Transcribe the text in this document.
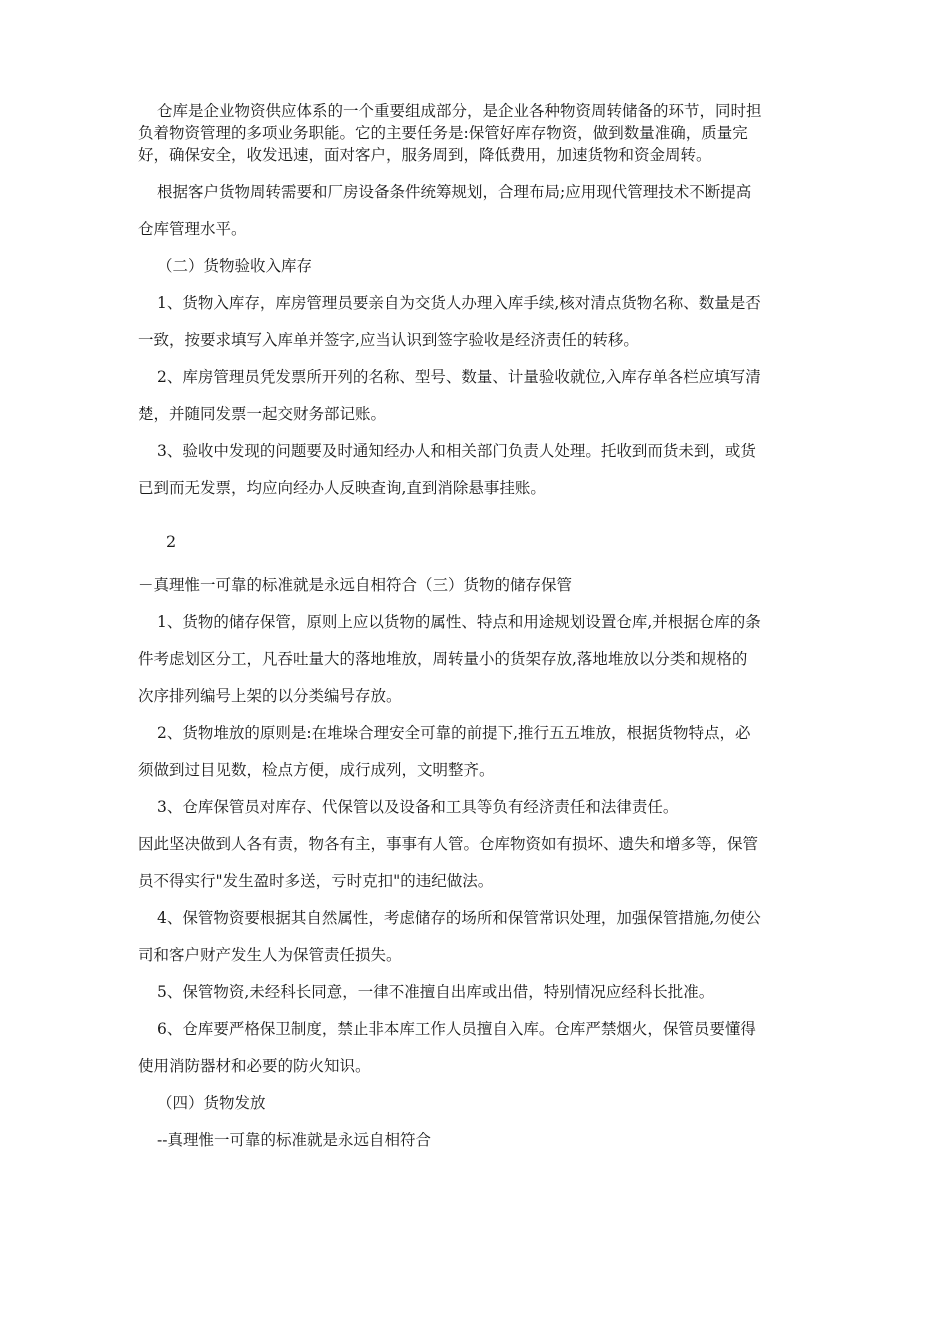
仓库是企业物资供应体系的一个重要组成部分，是企业各种物资周转储备的环节，同时担
负着物资管理的多项业务职能。它的主要任务是:保管好库存物资，做到数量准确，质量完
好，确保安全，收发迅速，面对客户，服务周到，降低费用，加速货物和资金周转。
根据客户货物周转需要和厂房设备条件统筹规划，合理布局;应用现代管理技术不断提高
仓库管理水平。
（二）货物验收入库存
1、货物入库存，库房管理员要亲自为交货人办理入库手续,核对清点货物名称、数量是否
一致，按要求填写入库单并签字,应当认识到签字验收是经济责任的转移。
2、库房管理员凭发票所开列的名称、型号、数量、计量验收就位,入库存单各栏应填写清
楚，并随同发票一起交财务部记账。
3、验收中发现的问题要及时通知经办人和相关部门负责人处理。托收到而货未到，或货
已到而无发票，均应向经办人反映查询,直到消除悬事挂账。

2

－真理惟一可靠的标准就是永远自相符合（三）货物的储存保管
1、货物的储存保管，原则上应以货物的属性、特点和用途规划设置仓库,并根据仓库的条
件考虑划区分工，凡吞吐量大的落地堆放，周转量小的货架存放,落地堆放以分类和规格的
次序排列编号上架的以分类编号存放。
2、货物堆放的原则是:在堆垛合理安全可靠的前提下,推行五五堆放，根据货物特点，必
须做到过目见数，检点方便，成行成列，文明整齐。
3、仓库保管员对库存、代保管以及设备和工具等负有经济责任和法律责任。
因此坚决做到人各有责，物各有主，事事有人管。仓库物资如有损坏、遗失和增多等，保管
员不得实行"发生盈时多送，亏时克扣"的违纪做法。
4、保管物资要根据其自然属性，考虑储存的场所和保管常识处理，加强保管措施,勿使公
司和客户财产发生人为保管责任损失。
5、保管物资,未经科长同意，一律不准擅自出库或出借，特别情况应经科长批准。
6、仓库要严格保卫制度，禁止非本库工作人员擅自入库。仓库严禁烟火，保管员要懂得
使用消防器材和必要的防火知识。
（四）货物发放
--真理惟一可靠的标准就是永远自相符合
